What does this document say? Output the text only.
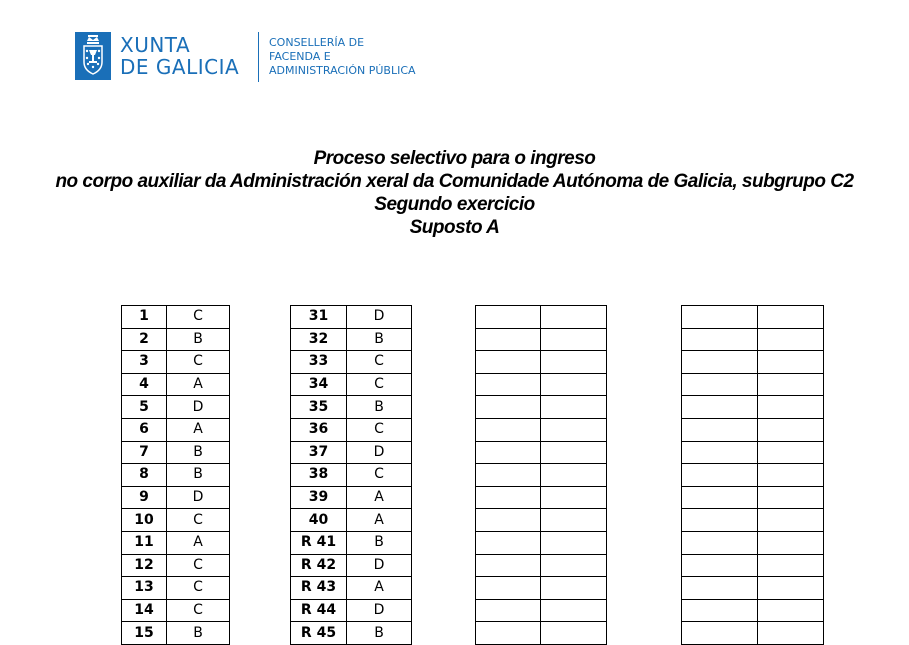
XUNTA
DE GALICIA
CONSELLERÍA DE
FACENDA E
ADMINISTRACIÓN PÚBLICA
Proceso selectivo para o ingreso
no corpo auxiliar da Administración xeral da Comunidade Autónoma de Galicia, subgrupo C2
Segundo exercicio
Suposto A
1	C
2	B
3	C
4	A
5	D
6	A
7	B
8	B
9	D
10	C
11	A
12	C
13	C
14	C
15	B
31	D
32	B
33	C
34	C
35	B
36	C
37	D
38	C
39	A
40	A
R 41	B
R 42	D
R 43	A
R 44	D
R 45	B
